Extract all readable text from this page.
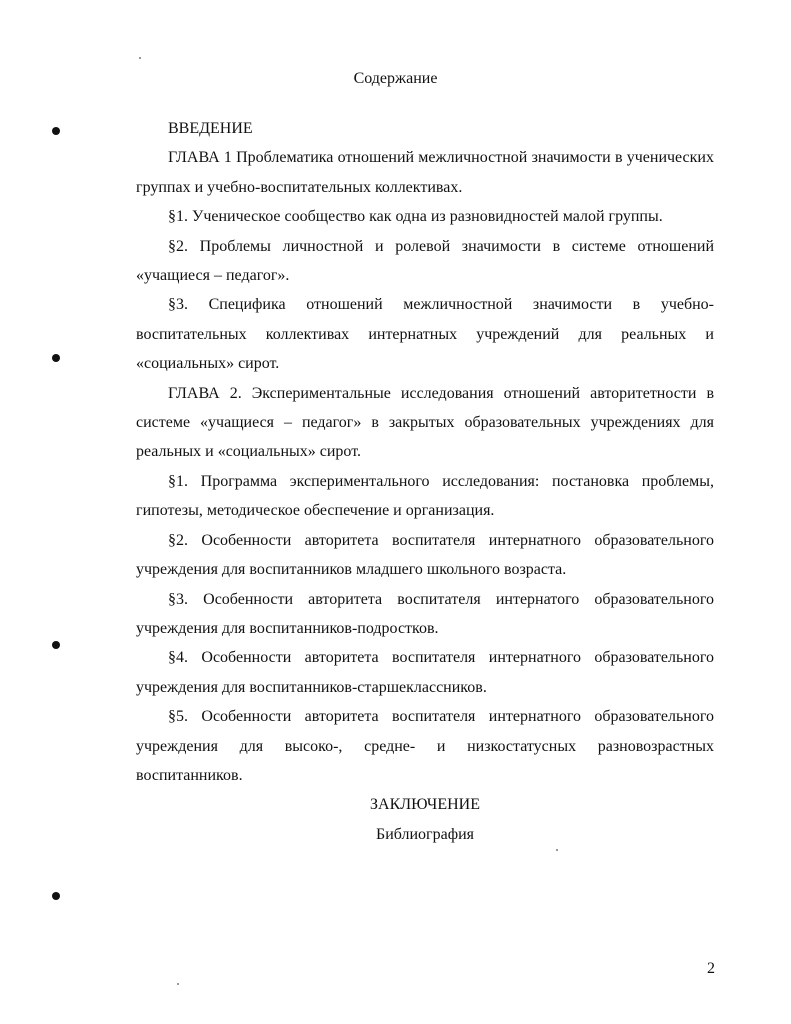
Содержание

ВВЕДЕНИЕ

ГЛАВА 1 Проблематика отношений межличностной значимости в ученических группах и учебно-воспитательных коллективах.

§1. Ученическое сообщество как одна из разновидностей малой группы.

§2. Проблемы личностной и ролевой значимости в системе отношений «учащиеся – педагог».

§3. Специфика отношений межличностной значимости в учебно-воспитательных коллективах интернатных учреждений для реальных и «социальных» сирот.

ГЛАВА 2. Экспериментальные исследования отношений авторитетности в системе «учащиеся – педагог» в закрытых образовательных учреждениях для реальных и «социальных» сирот.

§1. Программа экспериментального исследования: постановка проблемы, гипотезы, методическое обеспечение и организация.

§2. Особенности авторитета воспитателя интернатного образовательного учреждения для воспитанников младшего школьного возраста.

§3. Особенности авторитета воспитателя интернатого образовательного учреждения для воспитанников-подростков.

§4. Особенности авторитета воспитателя интернатного образовательного учреждения для воспитанников-старшеклассников.

§5. Особенности авторитета воспитателя интернатного образовательного учреждения для высоко-, средне- и низкостатусных разновозрастных воспитанников.

ЗАКЛЮЧЕНИЕ

Библиография

2
